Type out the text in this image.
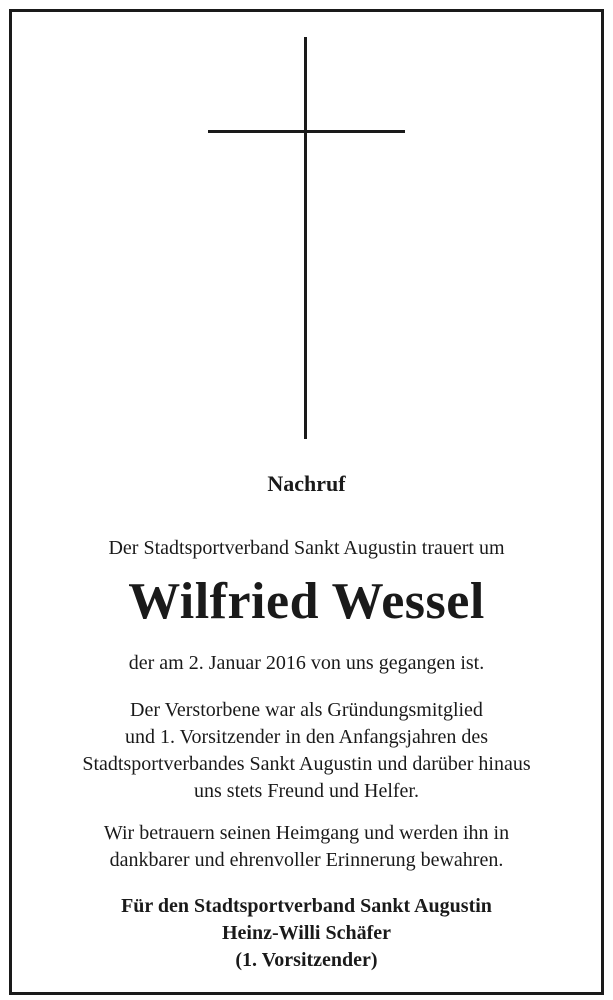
Nachruf

Der Stadtsportverband Sankt Augustin trauert um

Wilfried Wessel

der am 2. Januar 2016 von uns gegangen ist.

Der Verstorbene war als Gründungsmitglied
und 1. Vorsitzender in den Anfangsjahren des
Stadtsportverbandes Sankt Augustin und darüber hinaus
uns stets Freund und Helfer.
Wir betrauern seinen Heimgang und werden ihn in
dankbarer und ehrenvoller Erinnerung bewahren.

Für den Stadtsportverband Sankt Augustin

Heinz-Willi Schäfer

(1. Vorsitzender)
